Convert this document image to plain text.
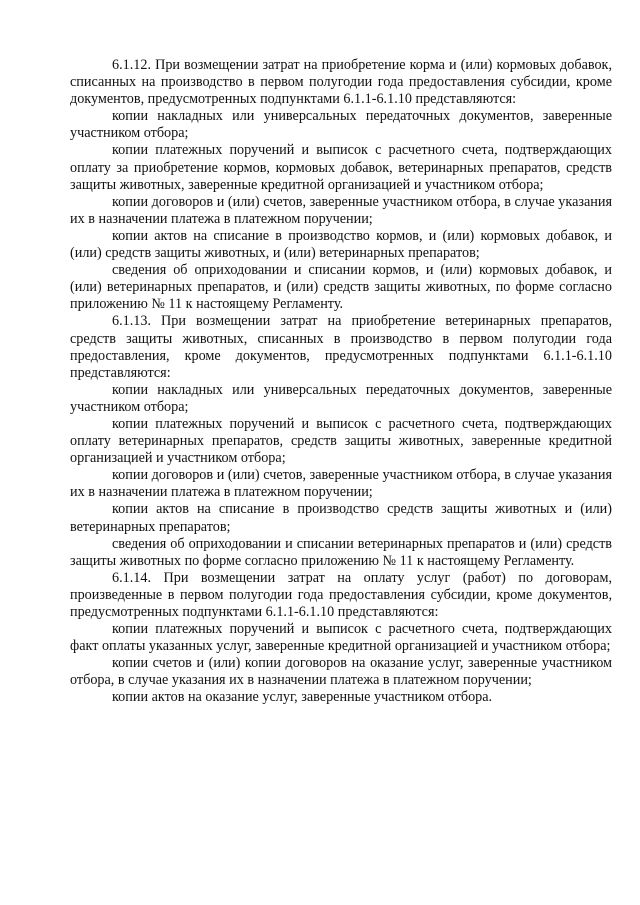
6.1.12. При возмещении затрат на приобретение корма и (или) кормовых добавок, списанных на производство в первом полугодии года предоставления субсидии, кроме документов, предусмотренных подпунктами 6.1.1-6.1.10 представляются:

копии накладных или универсальных передаточных документов, заверенные участником отбора;

копии платежных поручений и выписок с расчетного счета, подтверждающих оплату за приобретение кормов, кормовых добавок, ветеринарных препаратов, средств защиты животных, заверенные кредитной организацией и участником отбора;

копии договоров и (или) счетов, заверенные участником отбора, в случае указания их в назначении платежа в платежном поручении;

копии актов на списание в производство кормов, и (или) кормовых добавок, и (или) средств защиты животных, и (или) ветеринарных препаратов;

сведения об оприходовании и списании кормов, и (или) кормовых добавок, и (или) ветеринарных препаратов, и (или) средств защиты животных, по форме согласно приложению № 11 к настоящему Регламенту.

6.1.13. При возмещении затрат на приобретение ветеринарных препаратов, средств защиты животных, списанных в производство в первом полугодии года предоставления, кроме документов, предусмотренных подпунктами 6.1.1-6.1.10 представляются:

копии накладных или универсальных передаточных документов, заверенные участником отбора;

копии платежных поручений и выписок с расчетного счета, подтверждающих оплату ветеринарных препаратов, средств защиты животных, заверенные кредитной организацией и участником отбора;

копии договоров и (или) счетов, заверенные участником отбора, в случае указания их в назначении платежа в платежном поручении;

копии актов на списание в производство средств защиты животных и (или) ветеринарных препаратов;

сведения об оприходовании и списании ветеринарных препаратов и (или) средств защиты животных по форме согласно приложению № 11 к настоящему Регламенту.

6.1.14. При возмещении затрат на оплату услуг (работ) по договорам, произведенные в первом полугодии года предоставления субсидии, кроме документов, предусмотренных подпунктами 6.1.1-6.1.10 представляются:

копии платежных поручений и выписок с расчетного счета, подтверждающих факт оплаты указанных услуг, заверенные кредитной организацией и участником отбора;

копии счетов и (или) копии договоров на оказание услуг, заверенные участником отбора, в случае указания их в назначении платежа в платежном поручении;

копии актов на оказание услуг, заверенные участником отбора.
